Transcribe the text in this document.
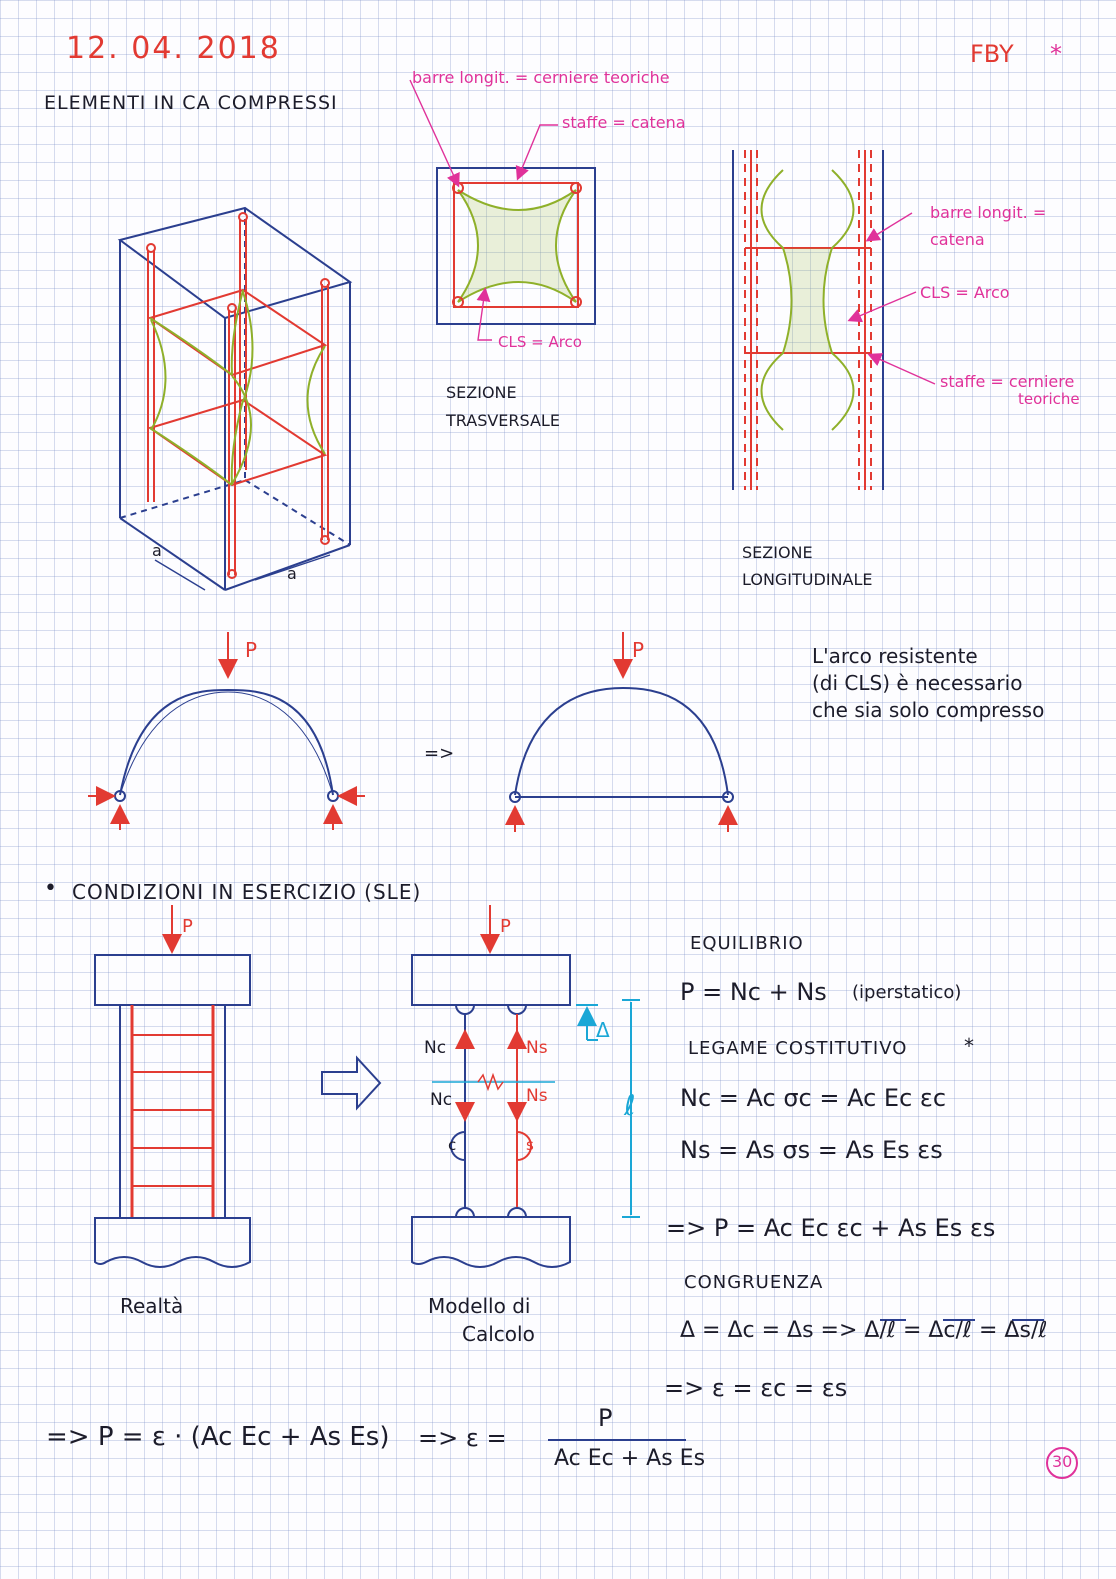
12. 04. 2018	FBY *
ELEMENTI IN CA COMPRESSI
barre longit. = cerniere teoriche
staffe = catena
CLS = Arco
SEZIONE
TRASVERSALE
barre longit. =
catena
CLS = Arco
staffe = cerniere
teoriche
SEZIONE
LONGITUDINALE
a
a
P	P
=>
L'arco resistente
(di CLS) è necessario
che sia solo compresso
• CONDIZIONI IN ESERCIZIO (SLE)
P	P
Realtà	Modello di
Calcolo
Nc	Ns
Nc	Ns
c	s
Δ
ℓ
EQUILIBRIO
P = Nc + Ns (iperstatico)
LEGAME COSTITUTIVO	*
Nc = Ac σc = Ac Ec εc
Ns = As σs = As Es εs
=> P = Ac Ec εc + As Es εs
CONGRUENZA
Δ = Δc = Δs => Δ/ℓ = Δc/ℓ = Δs/ℓ
=> ε = εc = εs
=> P = ε · (Ac Ec + As Es) => ε =
P
Ac Ec + As Es	30
